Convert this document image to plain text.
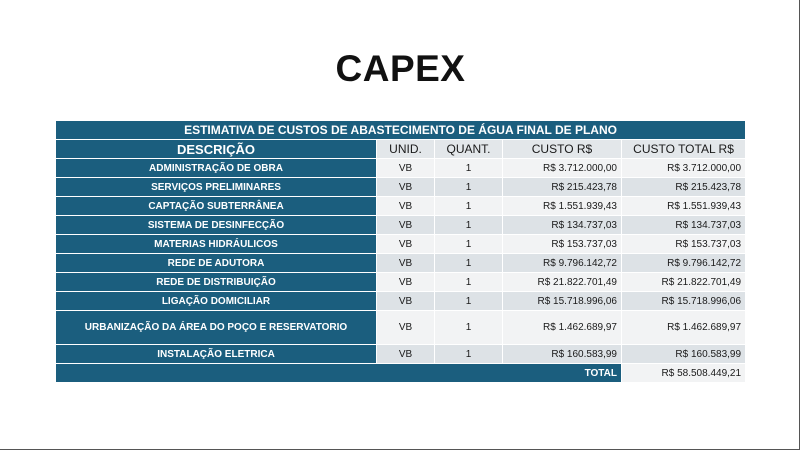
CAPEX
ESTIMATIVA DE CUSTOS DE ABASTECIMENTO DE ÁGUA FINAL DE PLANO				
DESCRIÇÃO	UNID.	QUANT.	CUSTO R$	CUSTO TOTAL R$
ADMINISTRAÇÃO DE OBRA	VB	1	R$ 3.712.000,00	R$ 3.712.000,00
SERVIÇOS PRELIMINARES	VB	1	R$ 215.423,78	R$ 215.423,78
CAPTAÇÃO SUBTERRÂNEA	VB	1	R$ 1.551.939,43	R$ 1.551.939,43
SISTEMA DE DESINFECÇÃO	VB	1	R$ 134.737,03	R$ 134.737,03
MATERIAS HIDRÁULICOS	VB	1	R$ 153.737,03	R$ 153.737,03
REDE DE ADUTORA	VB	1	R$ 9.796.142,72	R$ 9.796.142,72
REDE DE DISTRIBUIÇÃO	VB	1	R$ 21.822.701,49	R$ 21.822.701,49
LIGAÇÃO DOMICILIAR	VB	1	R$ 15.718.996,06	R$ 15.718.996,06
URBANIZAÇÃO DA ÁREA DO POÇO E RESERVATORIO	VB	1	R$ 1.462.689,97	R$ 1.462.689,97
INSTALAÇÃO ELETRICA	VB	1	R$ 160.583,99	R$ 160.583,99
TOTAL				R$ 58.508.449,21
